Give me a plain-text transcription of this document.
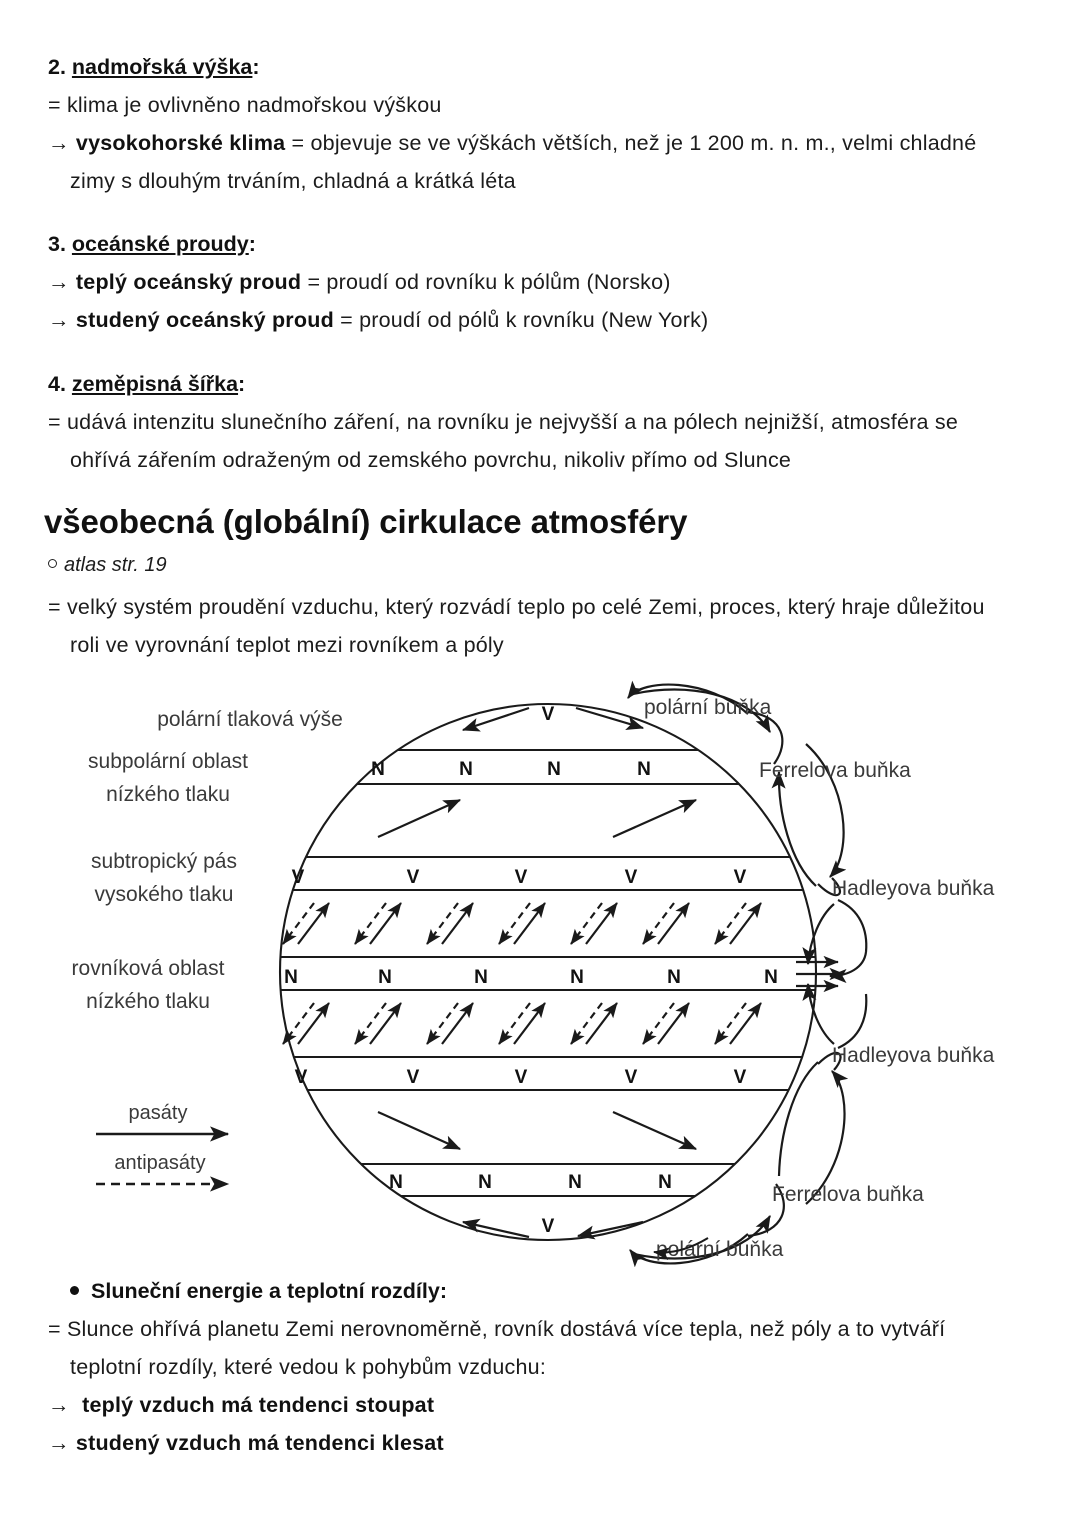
2. nadmořská výška:
= klima je ovlivněno nadmořskou výškou
→ vysokohorské klima = objevuje se ve výškách větších, než je 1 200 m. n. m., velmi chladné
zimy s dlouhým trváním, chladná a krátká léta
3. oceánské proudy:
→ teplý oceánský proud = proudí od rovníku k pólům (Norsko)
→ studený oceánský proud = proudí od pólů k rovníku (New York)
4. zeměpisná šířka:
= udává intenzitu slunečního záření, na rovníku je nejvyšší a na pólech nejnižší, atmosféra se
ohřívá zářením odraženým od zemského povrchu, nikoliv přímo od Slunce
všeobecná (globální) cirkulace atmosféry
atlas str. 19
= velký systém proudění vzduchu, který rozvádí teplo po celé Zemi, proces, který hraje důležitou
roli ve vyrovnání teplot mezi rovníkem a póly
V
N	N	N	N
V	V	V	V	V
N	N	N	N	N	N
V	V	V	V	V
N	N	N	N
V
polární tlaková výše
subpolární oblast
nízkého tlaku
subtropický pás
vysokého tlaku
rovníková oblast
nízkého tlaku
polární buňka
Ferrelova buňka
Hadleyova buňka
Hadleyova buňka
Ferrelova buňka
polární buňka
pasáty
antipasáty
Sluneční energie a teplotní rozdíly:
= Slunce ohřívá planetu Zemi nerovnoměrně, rovník dostává více tepla, než póly a to vytváří
teplotní rozdíly, které vedou k pohybům vzduchu:
→  teplý vzduch má tendenci stoupat
→ studený vzduch má tendenci klesat
